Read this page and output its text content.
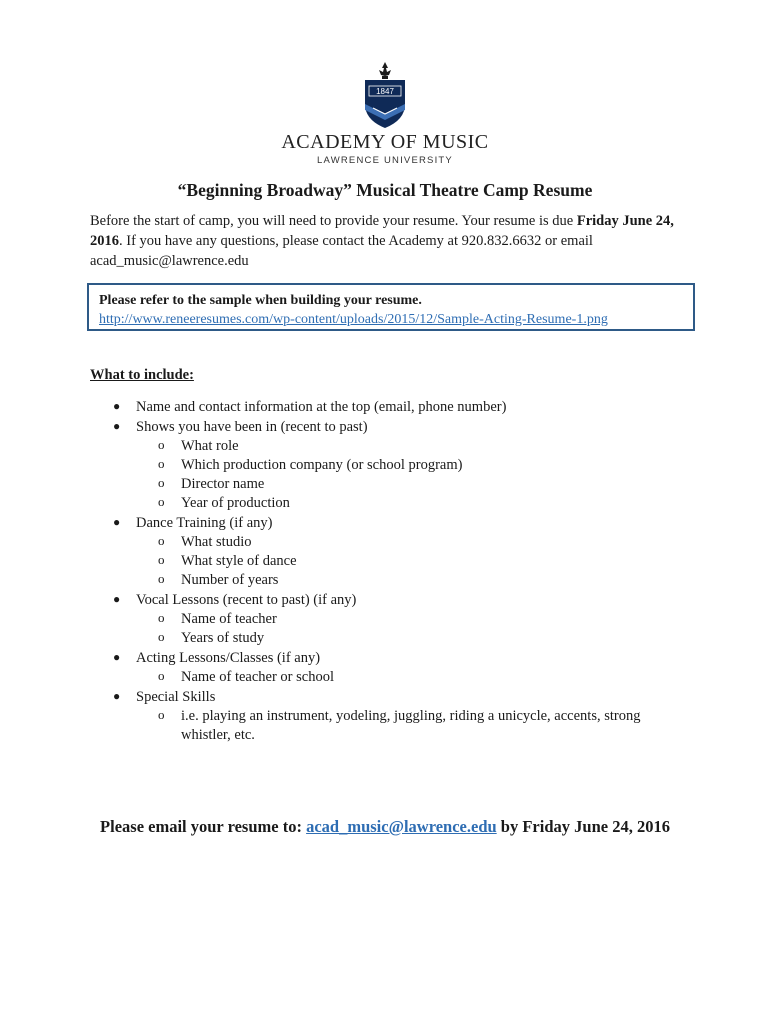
1847
ACADEMY OF MUSIC
LAWRENCE UNIVERSITY
“Beginning Broadway” Musical Theatre Camp Resume
Before the start of camp, you will need to provide your resume. Your resume is due Friday June 24,
2016. If you have any questions, please contact the Academy at 920.832.6632 or email
acad_music@lawrence.edu
Please refer to the sample when building your resume.
http://www.reneeresumes.com/wp-content/uploads/2015/12/Sample-Acting-Resume-1.png
What to include:
● Name and contact information at the top (email, phone number)
● Shows you have been in (recent to past)
o What role
o Which production company (or school program)
o Director name
o Year of production
● Dance Training (if any)
o What studio
o What style of dance
o Number of years
● Vocal Lessons (recent to past) (if any)
o Name of teacher
o Years of study
● Acting Lessons/Classes (if any)
o Name of teacher or school
● Special Skills
o i.e. playing an instrument, yodeling, juggling, riding a unicycle, accents, strong
whistler, etc.
Please email your resume to: acad_music@lawrence.edu by Friday June 24, 2016
